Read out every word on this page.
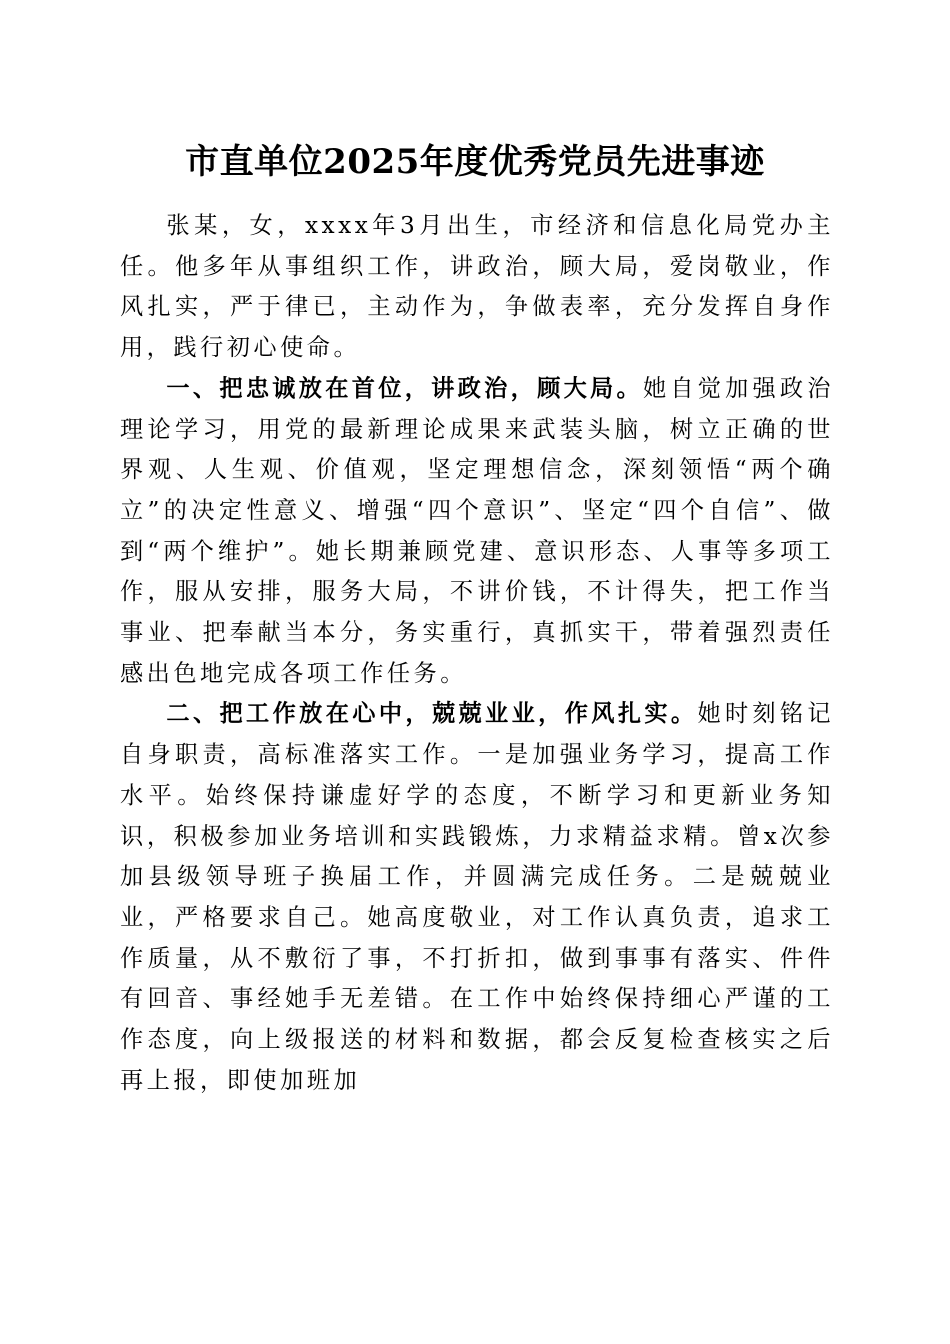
市直单位2025年度优秀党员先进事迹

张某，女，xxxx年3月出生，市经济和信息化局党办主任。他多年从事组织工作，讲政治，顾大局，爱岗敬业，作风扎实，严于律已，主动作为，争做表率，充分发挥自身作用，践行初心使命。

一、把忠诚放在首位，讲政治，顾大局。她自觉加强政治理论学习，用党的最新理论成果来武装头脑，树立正确的世界观、人生观、价值观，坚定理想信念，深刻领悟“两个确立”的决定性意义、增强“四个意识”、坚定“四个自信”、做到“两个维护”。她长期兼顾党建、意识形态、人事等多项工作，服从安排，服务大局，不讲价钱，不计得失，把工作当事业、把奉献当本分，务实重行，真抓实干，带着强烈责任感出色地完成各项工作任务。

二、把工作放在心中，兢兢业业，作风扎实。她时刻铭记自身职责，高标准落实工作。一是加强业务学习，提高工作水平。始终保持谦虚好学的态度，不断学习和更新业务知识，积极参加业务培训和实践锻炼，力求精益求精。曾x次参加县级领导班子换届工作，并圆满完成任务。二是兢兢业业，严格要求自己。她高度敬业，对工作认真负责，追求工作质量，从不敷衍了事，不打折扣，做到事事有落实、件件有回音、事经她手无差错。在工作中始终保持细心严谨的工作态度，向上级报送的材料和数据，都会反复检查核实之后再上报，即使加班加
